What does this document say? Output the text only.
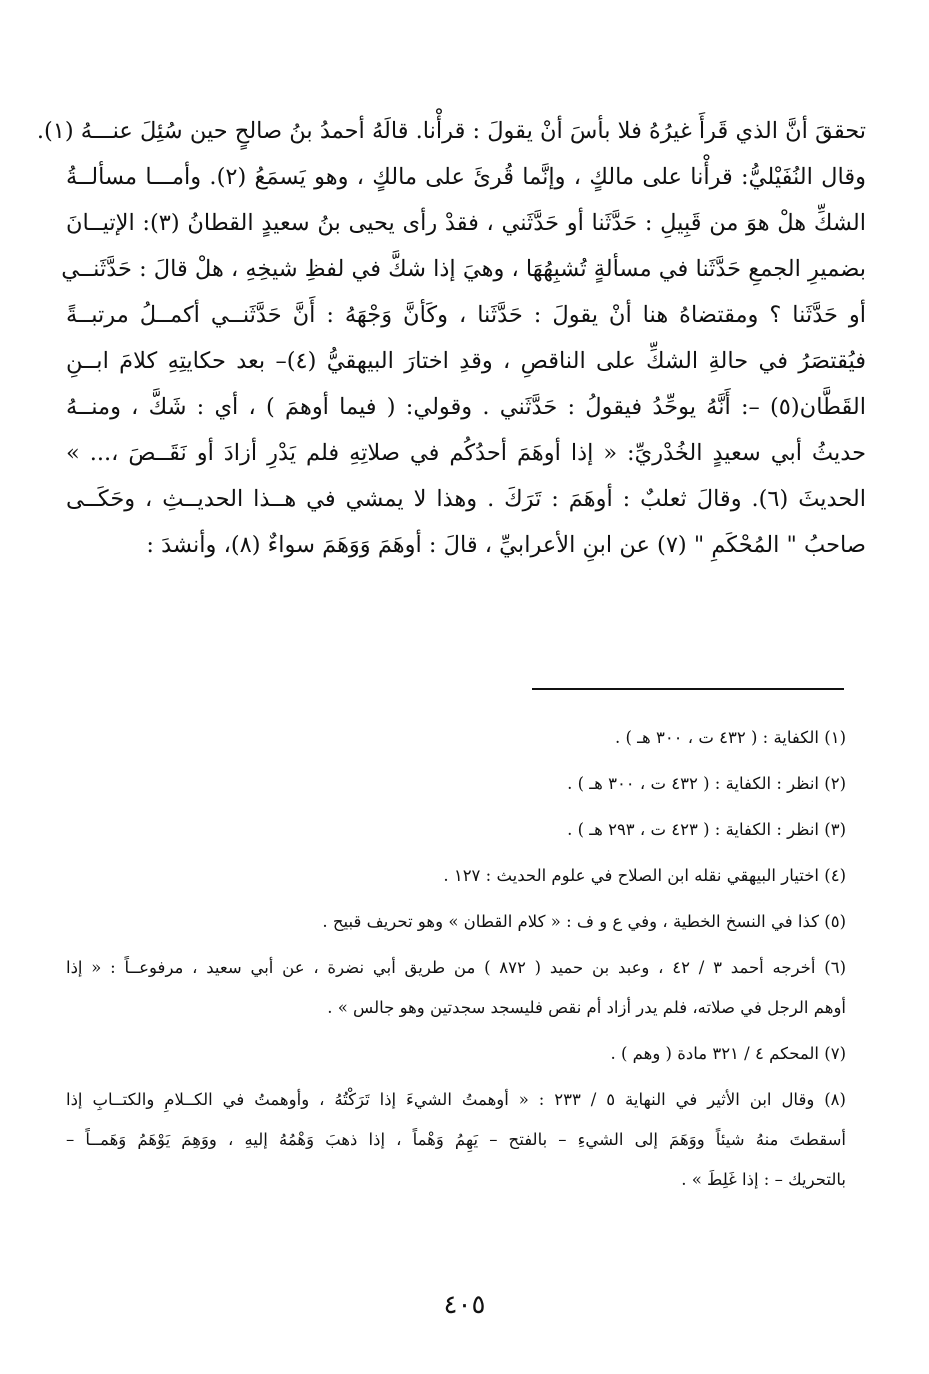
تحققَ أنَّ الذي قَرأَ غيرُهُ فلا بأسَ أنْ يقولَ : قرأْنا. قالَهُ أحمدُ بنُ صالحٍ حين سُئِلَ عنـــهُ (١).
وقال النُفَيْليُّ: قرأْنا على مالكٍ ، وإنَّما قُرئَ على مالكٍ ، وهو يَسمَعُ (٢). وأمـــا مسألــةُ
الشكِّ هلْ هوَ من قَبِيلِ : حَدَّثَنا أو حَدَّثَني ، فقدْ رأى يحيى بنُ سعيدٍ القطانُ (٣): الإتيــانَ
بضميرِ الجمعِ حَدَّثَنا في مسألةٍ تُشبِهُهَا ، وهيَ إذا شكَّ في لفظِ شيخِهِ ، هلْ قالَ : حَدَّثَنــي
أو حَدَّثَنا ؟ ومقتضاهُ هنا أنْ يقولَ : حَدَّثَنا ، وكَأنَّ وَجْهَهُ : أَنَّ حَدَّثَنــي أكمــلُ مرتبــةً
فيُقتصَرُ في حالةِ الشكِّ على الناقصِ ، وقدِ اختارَ البيهقيُّ (٤)– بعد حكايتِهِ كلامَ ابــنِ
القَطَّان(٥) –: أَنَّهُ يوحِّدُ فيقولُ : حَدَّثَني . وقولي: ( فيما أوهمَ ) ، أي : شَكَّ ، ومنــهُ
حديثُ أبي سعيدٍ الخُدْريِّ: « إذا أوهَمَ أحدُكُم في صلاتِهِ فلم يَدْرِ أزادَ أو نَقَــصَ ،... »
الحديثَ (٦). وقالَ ثعلبٌ : أوهَمَ : تَرَكَ . وهذا لا يمشي في هــذا الحديــثِ ، وحَكَــى
صاحبُ " المُحْكَمِ " (٧) عن ابنِ الأعرابيِّ ، قالَ : أوهَمَ وَوَهَمَ سواءٌ (٨)، وأنشدَ :
(١) الكفاية : ( ٤٣٢ ت ، ٣٠٠ هـ ) .
(٢) انظر : الكفاية : ( ٤٣٢ ت ، ٣٠٠ هـ ) .
(٣) انظر : الكفاية : ( ٤٢٣ ت ، ٢٩٣ هـ ) .
(٤) اختيار البيهقي نقله ابن الصلاح في علوم الحديث : ١٢٧ .
(٥) كذا في النسخ الخطية ، وفي ع و ف : « كلام القطان » وهو تحريف قبيح .
(٦) أخرجه أحمد ٣ / ٤٢ ، وعبد بن حميد ( ٨٧٢ ) من طريق أبي نضرة ، عن أبي سعيد ، مرفوعــاً : « إذا
أوهم الرجل في صلاته، فلم يدر أزاد أم نقص فليسجد سجدتين وهو جالس » .
(٧) المحكم ٤ / ٣٢١ مادة ( وهم ) .
(٨) وقال ابن الأثير في النهاية ٥ / ٢٣٣ : « أوهمتُ الشيءَ إذا تَرَكْتُهُ ، وأوهمتُ في الكــلامِ والكتــابِ إذا
أسقطتَ منهُ شيئاً ووَهَمَ إلى الشيءِ – بالفتح – يَهِمُ وَهْماً ، إذا ذهبَ وَهْمُهُ إليهِ ، ووَهِمَ يَوْهَمُ وَهَمــاً –
بالتحريك – : إذا غَلِطَ » .
٤٠٥
